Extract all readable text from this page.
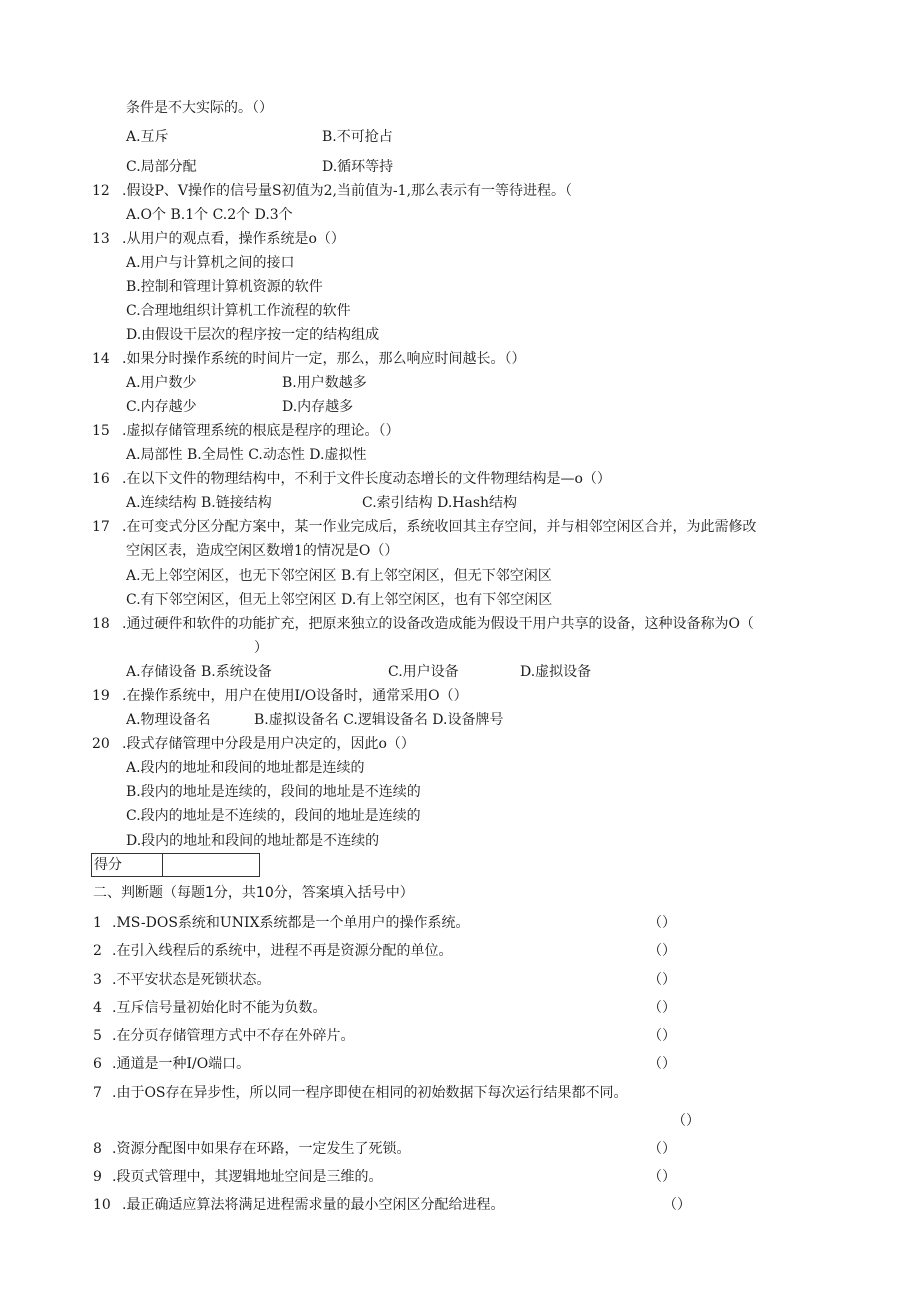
条件是不大实际的。（）
A.互斥	B.不可抢占
C.局部分配	D.循环等持
12 .假设P、V操作的信号量S初值为2,当前值为-1,那么表示有一等待进程。（
A.O个 B.1个 C.2个 D.3个
13 .从用户的观点看，操作系统是o（）
A.用户与计算机之间的接口
B.控制和管理计算机资源的软件
C.合理地组织计算机工作流程的软件
D.由假设干层次的程序按一定的结构组成
14 .如果分时操作系统的时间片一定，那么，那么响应时间越长。（）
A.用户数少	B.用户数越多
C.内存越少	D.内存越多
15 .虚拟存储管理系统的根底是程序的理论。（）
A.局部性 B.全局性 C.动态性 D.虚拟性
16 .在以下文件的物理结构中，不利于文件长度动态增长的文件物理结构是—o（）
A.连续结构 B.链接结构	C.索引结构 D.Hash结构
17 .在可变式分区分配方案中，某一作业完成后，系统收回其主存空间，并与相邻空闲区合并，为此需修改
空闲区表，造成空闲区数增1的情况是O（）
A.无上邻空闲区，也无下邻空闲区 B.有上邻空闲区，但无下邻空闲区
C.有下邻空闲区，但无上邻空闲区 D.有上邻空闲区，也有下邻空闲区
18 .通过硬件和软件的功能扩充，把原来独立的设备改造成能为假设干用户共享的设备，这种设备称为O（
）
A.存储设备 B.系统设备	C.用户设备	D.虚拟设备
19 .在操作系统中，用户在使用I/O设备时，通常采用O（）
A.物理设备名	B.虚拟设备名 C.逻辑设备名 D.设备牌号
20 .段式存储管理中分段是用户决定的，因此o（）
A.段内的地址和段间的地址都是连续的
B.段内的地址是连续的，段间的地址是不连续的
C.段内的地址是不连续的，段间的地址是连续的
D.段内的地址和段间的地址都是不连续的
得分
二、判断题（每题1分，共10分，答案填入括号中）
1 .MS-DOS系统和UNIX系统都是一个单用户的操作系统。	（）
2 .在引入线程后的系统中，进程不再是资源分配的单位。	（）
3 .不平安状态是死锁状态。	（）
4 .互斥信号量初始化时不能为负数。	（）
5 .在分页存储管理方式中不存在外碎片。	（）
6 .通道是一种I/O端口。	（）
7 .由于OS存在异步性，所以同一程序即使在相同的初始数据下每次运行结果都不同。
（）
8 .资源分配图中如果存在环路，一定发生了死锁。	（）
9 .段页式管理中，其逻辑地址空间是三维的。	（）
10 .最正确适应算法将满足进程需求量的最小空闲区分配给进程。	（）
